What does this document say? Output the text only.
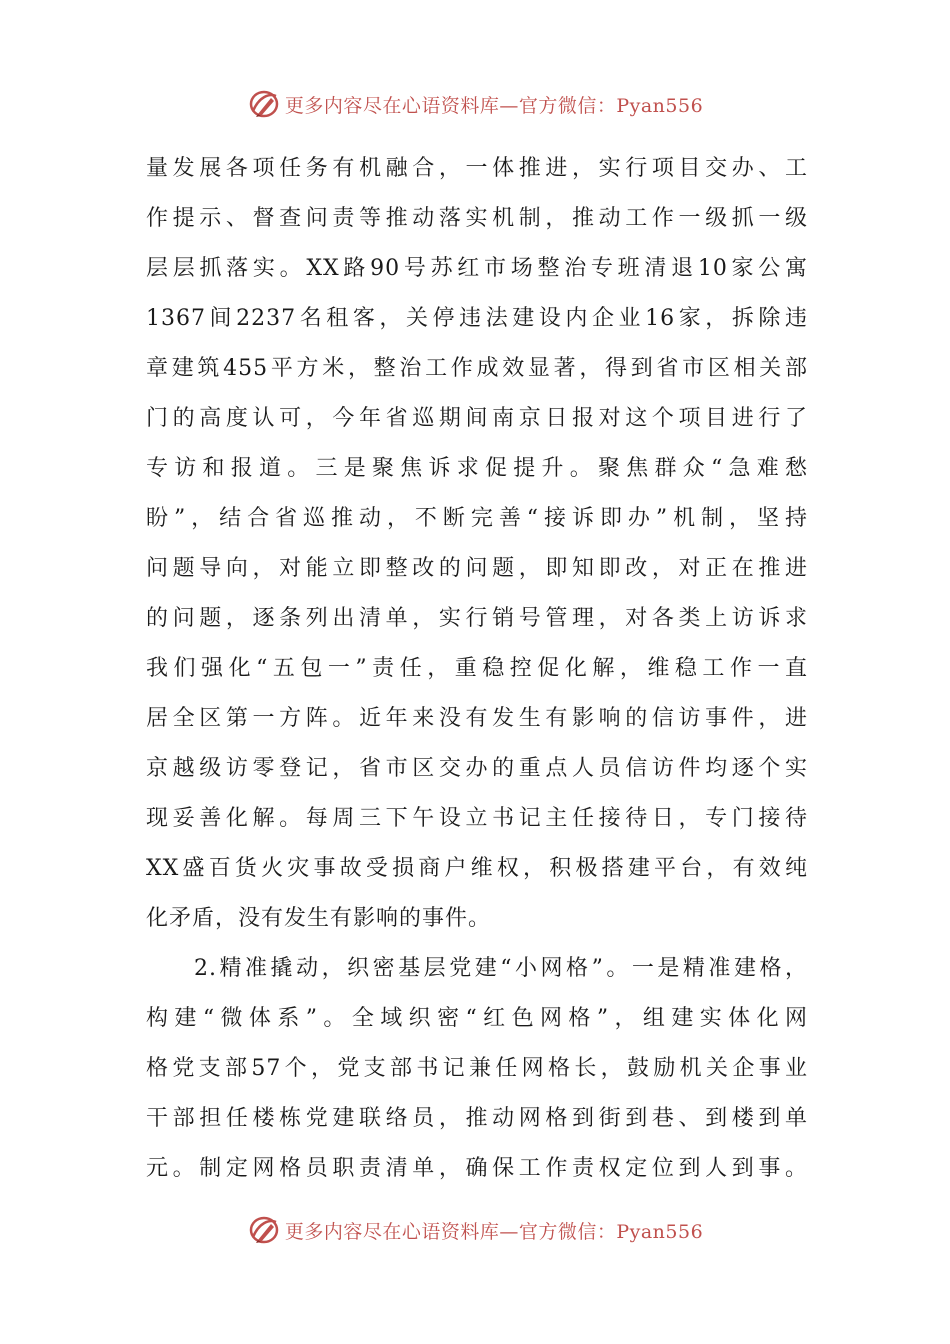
更多内容尽在心语资料库—官方微信：Pyan556
量发展各项任务有机融合，一体推进，实行项目交办、工
作提示、督查问责等推动落实机制，推动工作一级抓一级
层层抓落实。XX路90号苏红市场整治专班清退10家公寓
1367间2237名租客，关停违法建设内企业16家，拆除违
章建筑455平方米，整治工作成效显著，得到省市区相关部
门的高度认可，今年省巡期间南京日报对这个项目进行了
专访和报道。三是聚焦诉求促提升。聚焦群众“急难愁
盼”，结合省巡推动，不断完善“接诉即办”机制，坚持
问题导向，对能立即整改的问题，即知即改，对正在推进
的问题，逐条列出清单，实行销号管理，对各类上访诉求
我们强化“五包一”责任，重稳控促化解，维稳工作一直
居全区第一方阵。近年来没有发生有影响的信访事件，进
京越级访零登记，省市区交办的重点人员信访件均逐个实
现妥善化解。每周三下午设立书记主任接待日，专门接待
XX盛百货火灾事故受损商户维权，积极搭建平台，有效纯
化矛盾，没有发生有影响的事件。
2.精准撬动，织密基层党建“小网格”。一是精准建格，
构建“微体系”。全域织密“红色网格”，组建实体化网
格党支部57个，党支部书记兼任网格长，鼓励机关企事业
干部担任楼栋党建联络员，推动网格到街到巷、到楼到单
元。制定网格员职责清单，确保工作责权定位到人到事。
更多内容尽在心语资料库—官方微信：Pyan556
